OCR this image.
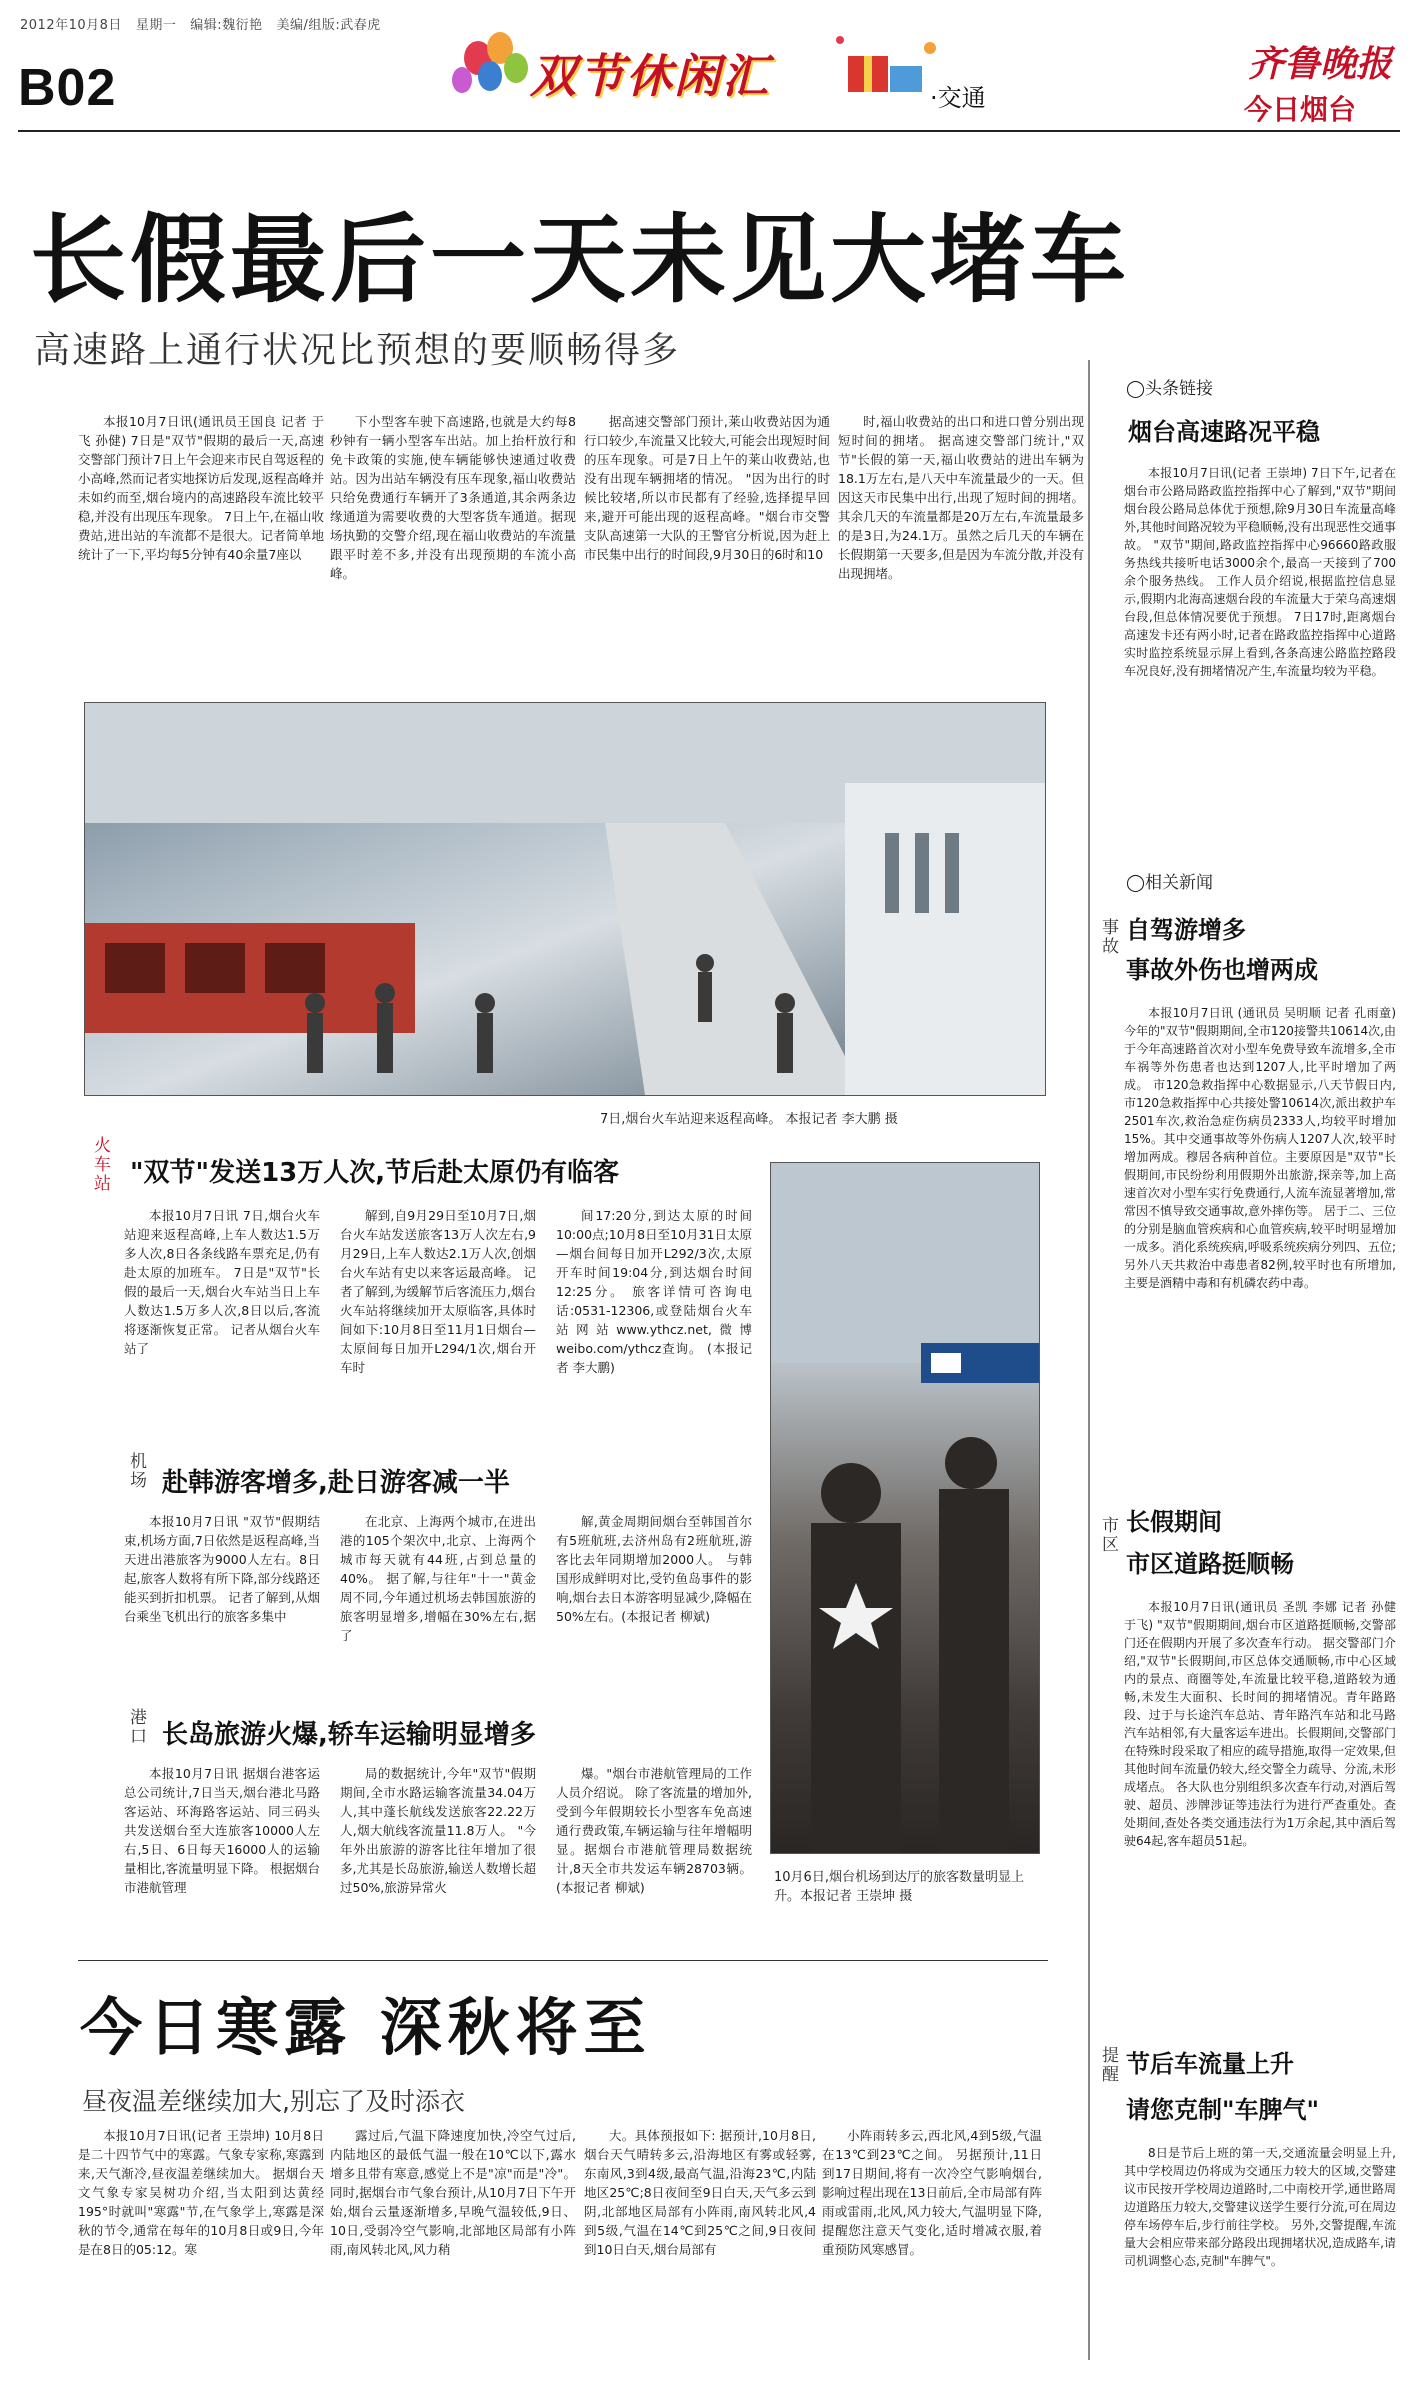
2012年10月8日 星期一 编辑:魏衍艳 美编/组版:武春虎
B02	双节休闲汇	·交通
齐鲁晚报
今日烟台
长假最后一天未见大堵车
高速路上通行状况比预想的要顺畅得多

本报10月7日讯(通讯员王国良 记者 于飞 孙健) 7日是"双节"假期的最后一天,高速交警部门预计7日上午会迎来市民自驾返程的小高峰,然而记者实地探访后发现,返程高峰并未如约而至,烟台境内的高速路段车流比较平稳,并没有出现压车现象。 7日上午,在福山收费站,进出站的车流都不是很大。记者简单地统计了一下,平均每5分钟有40余量7座以

下小型客车驶下高速路,也就是大约每8秒钟有一辆小型客车出站。加上抬杆放行和免卡政策的实施,使车辆能够快速通过收费站。因为出站车辆没有压车现象,福山收费站只给免费通行车辆开了3条通道,其余两条边缘通道为需要收费的大型客货车通道。据现场执勤的交警介绍,现在福山收费站的车流量跟平时差不多,并没有出现预期的车流小高峰。

据高速交警部门预计,莱山收费站因为通行口较少,车流量又比较大,可能会出现短时间的压车现象。可是7日上午的莱山收费站,也没有出现车辆拥堵的情况。 "因为出行的时候比较堵,所以市民都有了经验,选择提早回来,避开可能出现的返程高峰。"烟台市交警支队高速第一大队的王警官分析说,因为赶上市民集中出行的时间段,9月30日的6时和10

时,福山收费站的出口和进口曾分别出现短时间的拥堵。 据高速交警部门统计,"双节"长假的第一天,福山收费站的进出车辆为18.1万左右,是八天中车流量最少的一天。但因这天市民集中出行,出现了短时间的拥堵。其余几天的车流量都是20万左右,车流量最多的是3日,为24.1万。虽然之后几天的车辆在长假期第一天要多,但是因为车流分散,并没有出现拥堵。

7日,烟台火车站迎来返程高峰。 本报记者 李大鹏 摄
火车站 "双节"发送13万人次,节后赴太原仍有临客

本报10月7日讯 7日,烟台火车站迎来返程高峰,上车人数达1.5万多人次,8日各条线路车票充足,仍有赴太原的加班车。 7日是"双节"长假的最后一天,烟台火车站当日上车人数达1.5万多人次,8日以后,客流将逐渐恢复正常。 记者从烟台火车站了

解到,自9月29日至10月7日,烟台火车站发送旅客13万人次左右,9月29日,上车人数达2.1万人次,创烟台火车站有史以来客运最高峰。 记者了解到,为缓解节后客流压力,烟台火车站将继续加开太原临客,具体时间如下:10月8日至11月1日烟台—太原间每日加开L294/1次,烟台开车时

间17:20分,到达太原的时间10:00点;10月8日至10月31日太原—烟台间每日加开L292/3次,太原开车时间19:04分,到达烟台时间12:25分。 旅客详情可咨询电话:0531-12306,或登陆烟台火车站网站www.ythcz.net,微博weibo.com/ythcz查询。 (本报记者 李大鹏)

机场 赴韩游客增多,赴日游客减一半

本报10月7日讯 "双节"假期结束,机场方面,7日依然是返程高峰,当天进出港旅客为9000人左右。8日起,旅客人数将有所下降,部分线路还能买到折扣机票。 记者了解到,从烟台乘坐飞机出行的旅客多集中

在北京、上海两个城市,在进出港的105个架次中,北京、上海两个城市每天就有44班,占到总量的40%。 据了解,与往年"十一"黄金周不同,今年通过机场去韩国旅游的旅客明显增多,增幅在30%左右,据了

解,黄金周期间烟台至韩国首尔有5班航班,去济州岛有2班航班,游客比去年同期增加2000人。 与韩国形成鲜明对比,受钓鱼岛事件的影响,烟台去日本游客明显减少,降幅在50%左右。(本报记者 柳斌)

港口 长岛旅游火爆,轿车运输明显增多

本报10月7日讯 据烟台港客运总公司统计,7日当天,烟台港北马路客运站、环海路客运站、同三码头共发送烟台至大连旅客10000人左右,5日、6日每天16000人的运输量相比,客流量明显下降。 根据烟台市港航管理

局的数据统计,今年"双节"假期期间,全市水路运输客流量34.04万人,其中蓬长航线发送旅客22.22万人,烟大航线客流量11.8万人。 "今年外出旅游的游客比往年增加了很多,尤其是长岛旅游,输送人数增长超过50%,旅游异常火

爆。"烟台市港航管理局的工作人员介绍说。 除了客流量的增加外,受到今年假期较长小型客车免高速通行费政策,车辆运输与往年增幅明显。据烟台市港航管理局数据统计,8天全市共发运车辆28703辆。(本报记者 柳斌)

10月6日,烟台机场到达厅的旅客数量明显上升。本报记者 王崇坤 摄
今日寒露 深秋将至
昼夜温差继续加大,别忘了及时添衣

本报10月7日讯(记者 王崇坤) 10月8日是二十四节气中的寒露。气象专家称,寒露到来,天气渐冷,昼夜温差继续加大。 据烟台天文气象专家吴树功介绍,当太阳到达黄经195°时就叫"寒露"节,在气象学上,寒露是深秋的节令,通常在每年的10月8日或9日,今年是在8日的05:12。寒

露过后,气温下降速度加快,冷空气过后,内陆地区的最低气温一般在10℃以下,露水增多且带有寒意,感觉上不是"凉"而是"冷"。 同时,据烟台市气象台预计,从10月7日下午开始,烟台云量逐渐增多,早晚气温较低,9日、10日,受弱冷空气影响,北部地区局部有小阵雨,南风转北风,风力稍

大。具体预报如下: 据预计,10月8日,烟台天气晴转多云,沿海地区有雾或轻雾,东南风,3到4级,最高气温,沿海23℃,内陆地区25℃;8日夜间至9日白天,天气多云到阴,北部地区局部有小阵雨,南风转北风,4到5级,气温在14℃到25℃之间,9日夜间到10日白天,烟台局部有

小阵雨转多云,西北风,4到5级,气温在13℃到23℃之间。 另据预计,11日到17日期间,将有一次冷空气影响烟台,影响过程出现在13日前后,全市局部有阵雨或雷雨,北风,风力较大,气温明显下降,提醒您注意天气变化,适时增减衣服,着重预防风寒感冒。

◯头条链接
烟台高速路况平稳

本报10月7日讯(记者 王崇坤) 7日下午,记者在烟台市公路局路政监控指挥中心了解到,"双节"期间烟台段公路局总体优于预想,除9月30日车流量高峰外,其他时间路况较为平稳顺畅,没有出现恶性交通事故。 "双节"期间,路政监控指挥中心96660路政服务热线共接听电话3000余个,最高一天接到了700余个服务热线。 工作人员介绍说,根据监控信息显示,假期内北海高速烟台段的车流量大于荣乌高速烟台段,但总体情况要优于预想。 7日17时,距离烟台高速发卡还有两小时,记者在路政监控指挥中心道路实时监控系统显示屏上看到,各条高速公路监控路段车况良好,没有拥堵情况产生,车流量均较为平稳。

◯相关新闻
事故 自驾游增多
事故外伤也增两成

本报10月7日讯 (通讯员 吴明顺 记者 孔雨童) 今年的"双节"假期期间,全市120接警共10614次,由于今年高速路首次对小型车免费导致车流增多,全市车祸等外伤患者也达到1207人,比平时增加了两成。 市120急救指挥中心数据显示,八天节假日内,市120急救指挥中心共接处警10614次,派出救护车2501车次,救治急症伤病员2333人,均较平时增加15%。其中交通事故等外伤病人1207人次,较平时增加两成。穆居各病种首位。主要原因是"双节"长假期间,市民纷纷利用假期外出旅游,探亲等,加上高速首次对小型车实行免费通行,人流车流显著增加,常常因不慎导致交通事故,意外摔伤等。 居于二、三位的分别是脑血管疾病和心血管疾病,较平时明显增加一成多。消化系统疾病,呼吸系统疾病分列四、五位;另外八天共救治中毒患者82例,较平时也有所增加,主要是酒精中毒和有机磷农药中毒。

市区 长假期间
市区道路挺顺畅

本报10月7日讯(通讯员 圣凯 李娜 记者 孙健 于飞) "双节"假期期间,烟台市区道路挺顺畅,交警部门还在假期内开展了多次查车行动。 据交警部门介绍,"双节"长假期间,市区总体交通顺畅,市中心区域内的景点、商圈等处,车流量比较平稳,道路较为通畅,未发生大面积、长时间的拥堵情况。青年路路段、过于与长途汽车总站、青年路汽车站和北马路汽车站相邻,有大量客运车进出。长假期间,交警部门在特殊时段采取了相应的疏导措施,取得一定效果,但其他时间车流量仍较大,经交警全力疏导、分流,未形成堵点。 各大队也分别组织多次查车行动,对酒后驾驶、超员、涉牌涉证等违法行为进行严查重处。查处期间,查处各类交通违法行为1万余起,其中酒后驾驶64起,客车超员51起。

提醒 节后车流量上升
请您克制"车脾气"

8日是节后上班的第一天,交通流量会明显上升,其中学校周边仍将成为交通压力较大的区域,交警建议市民按开学校周边道路时,二中南校开学,通世路周边道路压力较大,交警建议送学生要行分流,可在周边停车场停车后,步行前往学校。 另外,交警提醒,车流量大会相应带来部分路段出现拥堵状况,造成路车,请司机调整心态,克制"车脾气"。
